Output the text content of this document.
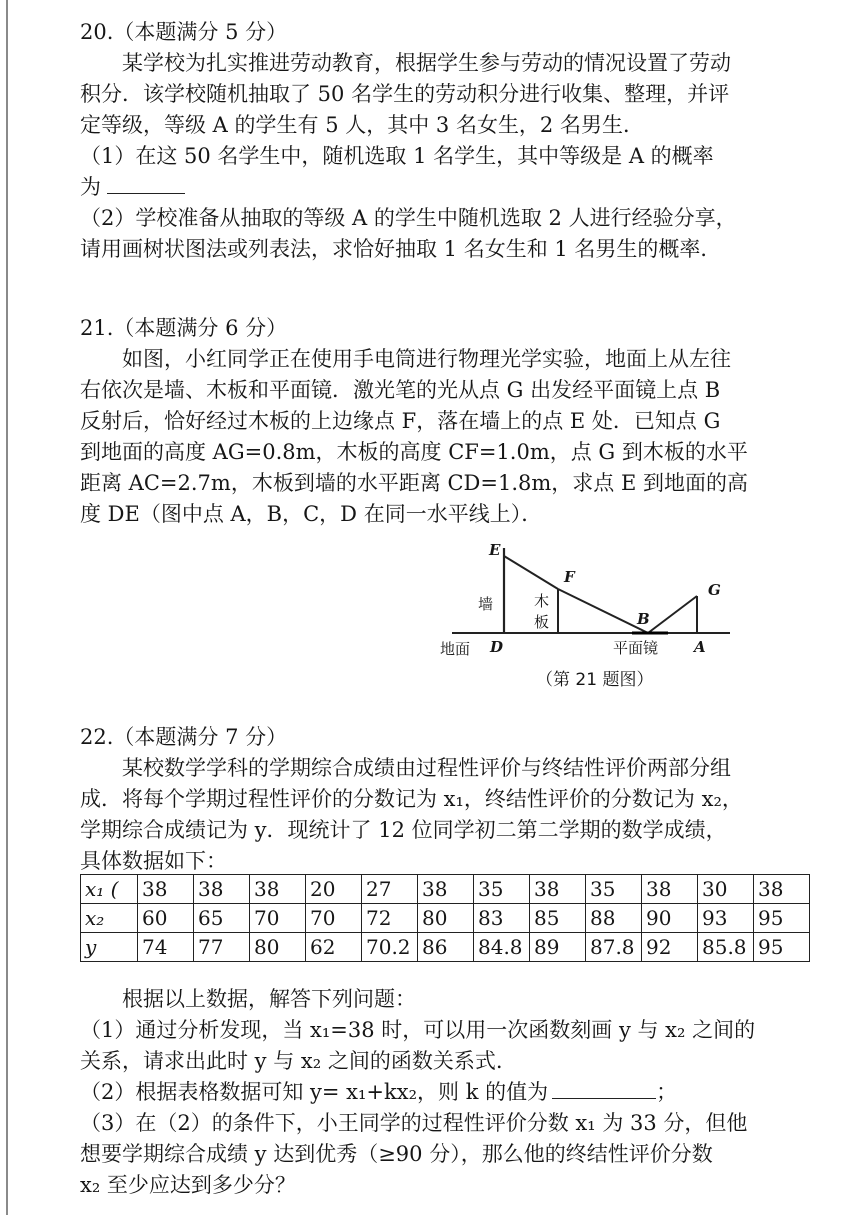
20.（本题满分 5 分）

某学校为扎实推进劳动教育，根据学生参与劳动的情况设置了劳动

积分．该学校随机抽取了 50 名学生的劳动积分进行收集、整理，并评

定等级，等级 A 的学生有 5 人，其中 3 名女生，2 名男生．

（1）在这 50 名学生中，随机选取 1 名学生，其中等级是 A 的概率

为

（2）学校准备从抽取的等级 A 的学生中随机选取 2 人进行经验分享，

请用画树状图法或列表法，求恰好抽取 1 名女生和 1 名男生的概率．

21.（本题满分 6 分）

如图，小红同学正在使用手电筒进行物理光学实验，地面上从左往

右依次是墙、木板和平面镜．激光笔的光从点 G 出发经平面镜上点 B

反射后，恰好经过木板的上边缘点 F，落在墙上的点 E 处．已知点 G

到地面的高度 AG=0.8m，木板的高度 CF=1.0m，点 G 到木板的水平

距离 AC=2.7m，木板到墙的水平距离 CD=1.8m，求点 E 到地面的高

度 DE（图中点 A，B，C，D 在同一水平线上）．

E
F
G
B
D	A
墙	木
板
地面	平面镜
（第 21 题图）

22.（本题满分 7 分）

某校数学学科的学期综合成绩由过程性评价与终结性评价两部分组

成．将每个学期过程性评价的分数记为 x₁，终结性评价的分数记为 x₂，

学期综合成绩记为 y．现统计了 12 位同学初二第二学期的数学成绩，

具体数据如下：

x₁ (	38	38	38	20	27	38	35	38	35	38	30	38
x₂	60	65	70	70	72	80	83	85	88	90	93	95
y	74	77	80	62	70.2	86	84.8	89	87.8	92	85.8	95

根据以上数据，解答下列问题：

（1）通过分析发现，当 x₁=38 时，可以用一次函数刻画 y 与 x₂ 之间的

关系，请求出此时 y 与 x₂ 之间的函数关系式.

（2）根据表格数据可知 y= x₁+kx₂，则 k 的值为	；

（3）在（2）的条件下，小王同学的过程性评价分数 x₁ 为 33 分，但他

想要学期综合成绩 y 达到优秀（≥90 分），那么他的终结性评价分数

x₂ 至少应达到多少分？
